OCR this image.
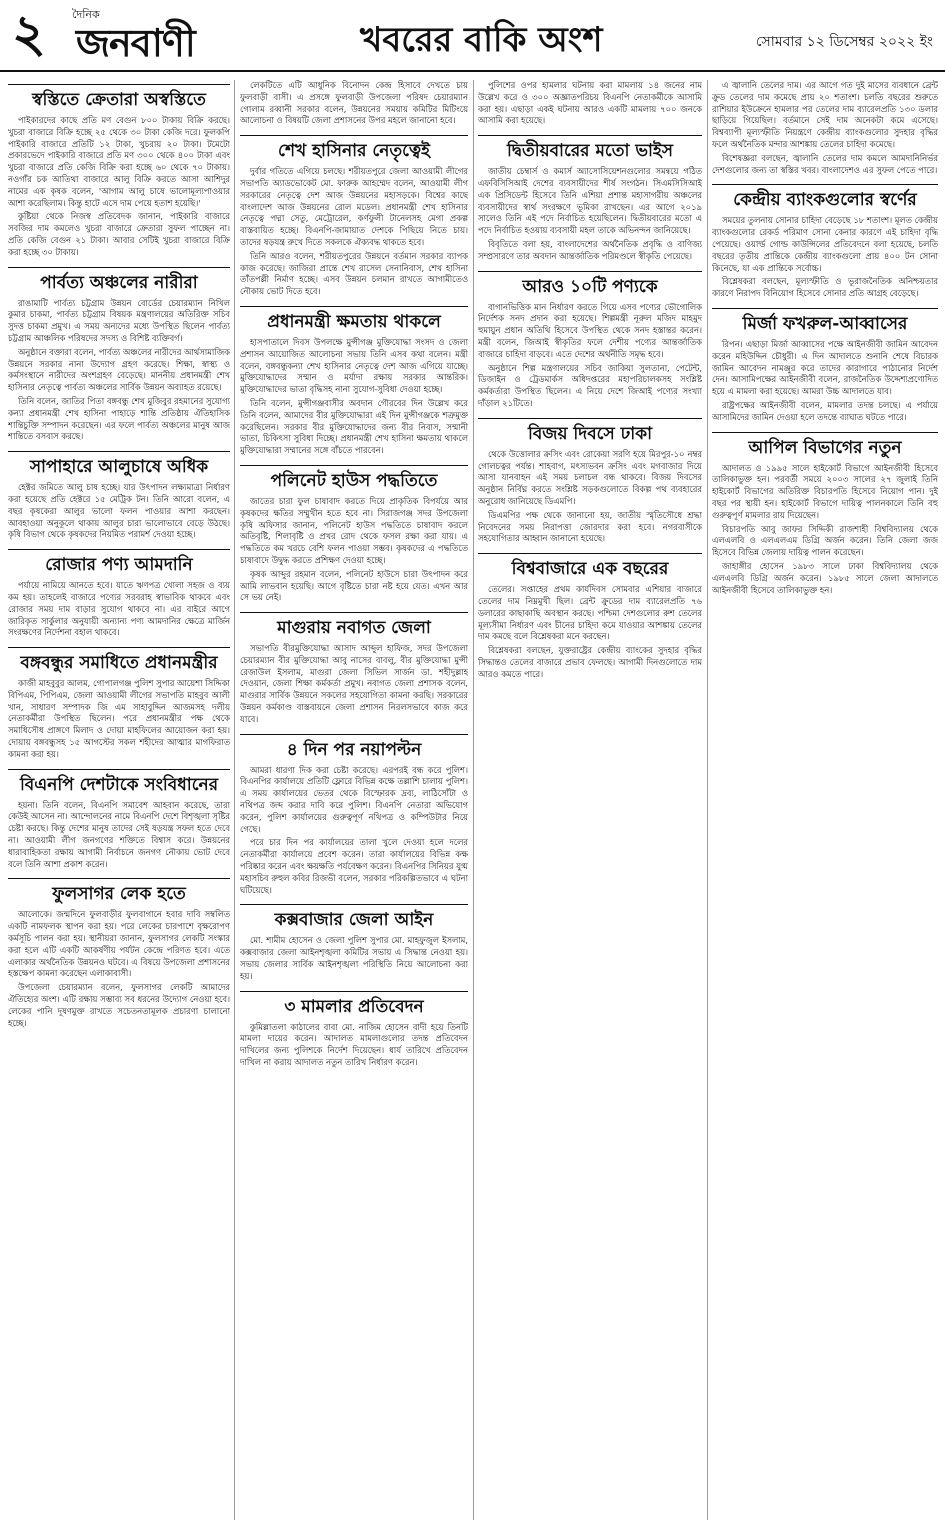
২ দৈনিক
জনবাণী	খবরের বাকি অংশ	সোমবার ১২ ডিসেম্বর ২০২২ ইং
স্বস্তিতে ক্রেতারা অস্বস্তিতে

পাইকারদের কাছে প্রতি মণ বেগুন ৮০০ টাকায় বিক্রি করছে। খুচরা বাজারে বিক্রি হচ্ছে ২৫ থেকে ৩০ টাকা কেজি দরে। ফুলকপি পাইকারি বাজারে প্রতিটি ১২ টাকা, খুচরায় ২০ টাকা। টমেটো প্রকারভেদে পাইকারি বাজারে প্রতি মণ ৩০০ থেকে ৪০০ টাকা এবং খুচরা বাজারে প্রতি কেজি বিক্রি করা হচ্ছে ৬০ থেকে ৭০ টাকায়। নওগাঁর চক আতিথা বাজারে আলু বিক্রি করতে আসা আশিদুর নামের এক কৃষক বলেন, 'আগাম আলু চাষে ভালোমূল্যপাওয়ার আশা করেছিলাম। কিন্তু হাটে এসে দাম পেয়ে হতাশ হয়েছি।'

কুষ্টিয়া থেকে নিজস্ব প্রতিবেদক জানান, পাইকারি বাজারে সবজির দাম কমলেও খুচরা বাজারে ক্রেতারা সুফল পাচ্ছেন না। প্রতি কেজি বেগুন ২১ টাকা। আবার সেটিই খুচরা বাজারে বিক্রি করা হচ্ছে ৩০ টাকায়।

পার্বত্য অঞ্চলের নারীরা

রাঙামাটি পার্বত্য চট্টগ্রাম উন্নয়ন বোর্ডের চেয়ারম্যান নিখিল কুমার চাকমা, পার্বত্য চট্টগ্রাম বিষয়ক মন্ত্রণালয়ের অতিরিক্ত সচিব সুদত্ত চাকমা প্রমুখ। এ সময় অন্যদের মধ্যে উপস্থিত ছিলেন পার্বত্য চট্টগ্রাম আঞ্চলিক পরিষদের সদস্য ও বিশিষ্ট ব্যক্তিবর্গ।

অনুষ্ঠানে বক্তারা বলেন, পার্বত্য অঞ্চলের নারীদের আর্থসামাজিক উন্নয়নে সরকার নানা উদ্যোগ গ্রহণ করেছে। শিক্ষা, স্বাস্থ্য ও কর্মসংস্থানে নারীদের অংশগ্রহণ বেড়েছে। মাননীয় প্রধানমন্ত্রী শেখ হাসিনার নেতৃত্বে পার্বত্য অঞ্চলের সার্বিক উন্নয়ন অব্যাহত রয়েছে।

তিনি বলেন, জাতির পিতা বঙ্গবন্ধু শেখ মুজিবুর রহমানের সুযোগ্য কন্যা প্রধানমন্ত্রী শেখ হাসিনা পাহাড়ে শান্তি প্রতিষ্ঠায় ঐতিহাসিক শান্তিচুক্তি সম্পাদন করেছেন। এর ফলে পার্বত্য অঞ্চলের মানুষ আজ শান্তিতে বসবাস করছে।

সাপাহারে আলুচাষে অধিক

হেক্টর জমিতে আলু চাষ হচ্ছে। যার উৎপাদন লক্ষ্যমাত্রা নির্ধারণ করা হয়েছে প্রতি হেক্টরে ১৫ মেট্রিক টন। তিনি আরো বলেন, এ বছর কৃষকেরা আলুর ভালো ফলন পাওয়ার আশা করছেন। আবহাওয়া অনুকূলে থাকায় আলুর চারা ভালোভাবে বেড়ে উঠছে। কৃষি বিভাগ থেকে কৃষকদের নিয়মিত পরামর্শ দেওয়া হচ্ছে।

রোজার পণ্য আমদানি

পর্যায়ে নামিয়ে আনতে হবে। যাতে ঋণপত্র খোলা সহজ ও ব্যয় কম হয়। তাহলেই বাজারে পণ্যের সরবরাহ স্বাভাবিক থাকবে এবং রোজার সময় দাম বাড়ার সুযোগ থাকবে না। এর বাইরে আগে জারিকৃত সার্কুলার অনুযায়ী অন্যান্য পণ্য আমদানির ক্ষেত্রে মার্জিন সংরক্ষণের নির্দেশনা বহাল থাকবে।

বঙ্গবন্ধুর সমাধিতে প্রধানমন্ত্রীর

কাজী মাহবুবুর আলম, গোপালগঞ্জ পুলিশ সুপার আয়েশা সিদ্দিকা বিপিএম, পিপিএম, জেলা আওয়ামী লীগের সভাপতি মাহবুব আলী খান, সাধারণ সম্পাদক জি এম সাহাবুদ্দিন আজমসহ দলীয় নেতাকর্মীরা উপস্থিত ছিলেন। পরে প্রধানমন্ত্রীর পক্ষ থেকে সমাধিসৌধ প্রাঙ্গণে মিলাদ ও দোয়া মাহফিলের আয়োজন করা হয়। দোয়ায় বঙ্গবন্ধুসহ ১৫ আগস্টের সকল শহীদের আত্মার মাগফিরাত কামনা করা হয়।

বিএনপি দেশটাকে সংবিধানের

হয়না। তিনি বলেন, বিএনপি সমাবেশ আহবান করেছে, তারা কেউই আসেন না। আন্দোলনের নামে বিএনপি দেশে বিশৃঙ্খলা সৃষ্টির চেষ্টা করছে। কিন্তু দেশের মানুষ তাদের সেই ষড়যন্ত্র সফল হতে দেবে না। আওয়ামী লীগ জনগণের শক্তিতে বিশ্বাস করে। উন্নয়নের ধারাবাহিকতা রক্ষায় আগামী নির্বাচনে জনগণ নৌকায় ভোট দেবে বলে তিনি আশা প্রকাশ করেন।

ফুলসাগর লেক হতে

আলোকে। জন্মদিনে ফুলবাড়ীর ফুলবাগানে হবার দাবি সম্বলিত একটি নামফলক স্থাপন করা হয়। পরে লেকের চারপাশে বৃক্ষরোপণ কর্মসূচি পালন করা হয়। স্থানীয়রা জানান, ফুলসাগর লেকটি সংস্কার করা হলে এটি একটি আকর্ষণীয় পর্যটন কেন্দ্রে পরিণত হবে। এতে এলাকার অর্থনৈতিক উন্নয়নও ঘটবে। এ বিষয়ে উপজেলা প্রশাসনের হস্তক্ষেপ কামনা করেছেন এলাকাবাসী।

উপজেলা চেয়ারম্যান বলেন, ফুলসাগর লেকটি আমাদের ঐতিহ্যের অংশ। এটি রক্ষায় সম্ভাব্য সব ধরনের উদ্যোগ নেওয়া হবে। লেকের পানি দূষণমুক্ত রাখতে সচেতনতামূলক প্রচারণা চালানো হচ্ছে।

লেকটিতে এটি আধুনিক বিনোদন কেন্দ্র হিসাবে দেখতে চায় ফুলবাড়ী বাসী। এ প্রসঙ্গে ফুলবাড়ী উপজেলা পরিষদ চেয়ারম্যান গোলাম রব্বানী সরকার বলেন, উন্নয়নের সময়ায় কমিটির মিটিংয়ে আলোচনা ও বিষয়টি জেলা প্রশাসনের উপর মহলে জানানো হবে।

শেখ হাসিনার নেতৃত্বেই

দুর্বার গতিতে এগিয়ে চলছে। শরীয়তপুরে জেলা আওয়ামী লীগের সভাপতি অ্যাডভোকেট মো. ফারুক আহম্মেদ বলেন, আওয়ামী লীগ সরকারের নেতৃত্বে দেশ আজ উন্নয়নের মহাসড়কে। বিশ্বের কাছে বাংলাদেশ আজ উন্নয়নের রোল মডেল। প্রধানমন্ত্রী শেখ হাসিনার নেতৃত্বে পদ্মা সেতু, মেট্রোরেল, কর্ণফুলী টানেলসহ মেগা প্রকল্প বাস্তবায়িত হচ্ছে। বিএনপি-জামায়াত দেশকে পিছিয়ে নিতে চায়। তাদের ষড়যন্ত্র রুখে দিতে সকলকে ঐক্যবদ্ধ থাকতে হবে।

তিনি আরও বলেন, শরীয়তপুরের উন্নয়নে বর্তমান সরকার ব্যাপক কাজ করেছে। জাজিরা প্রান্তে শেখ রাসেল সেনানিবাস, শেখ হাসিনা তাঁতপল্লী নির্মাণ হচ্ছে। এসব উন্নয়ন চলমান রাখতে আগামীতেও নৌকায় ভোট দিতে হবে।

প্রধানমন্ত্রী ক্ষমতায় থাকলে

হাসপাতালে দিবস উপলক্ষে মুন্সীগঞ্জ মুক্তিযোদ্ধা সংসদ ও জেলা প্রশাসন আয়োজিত আলোচনা সভায় তিনি এসব কথা বলেন। মন্ত্রী বলেন, বঙ্গবন্ধুকন্যা শেখ হাসিনার নেতৃত্বে দেশ আজ এগিয়ে যাচ্ছে। মুক্তিযোদ্ধাদের সম্মান ও মর্যাদা রক্ষায় সরকার আন্তরিক। মুক্তিযোদ্ধাদের ভাতা বৃদ্ধিসহ নানা সুযোগ-সুবিধা দেওয়া হচ্ছে।

তিনি বলেন, মুন্সীগঞ্জবাসীর অবদান গৌরবের দিন উল্লেখ করে তিনি বলেন, আমাদের বীর মুক্তিযোদ্ধারা এই দিন মুন্সীগঞ্জকে শত্রুমুক্ত করেছিলেন। সরকার বীর মুক্তিযোদ্ধাদের জন্য বীর নিবাস, সম্মানী ভাতা, চিকিৎসা সুবিধা দিচ্ছে। প্রধানমন্ত্রী শেখ হাসিনা ক্ষমতায় থাকলে মুক্তিযোদ্ধারা সম্মানের সঙ্গে বাঁচতে পারবেন।

পলিনেট হাউস পদ্ধতিতে

জাতের চারা ফুল চাষাবাদ করতে দিয়ে প্রাকৃতিক বিপর্যয়ে আর কৃষকদের ক্ষতির সম্মুখীন হতে হবে না। সিরাজগঞ্জ সদর উপজেলা কৃষি অফিসার জানান, পলিনেট হাউস পদ্ধতিতে চাষাবাদ করলে অতিবৃষ্টি, শিলাবৃষ্টি ও প্রখর রোদ থেকে ফসল রক্ষা করা যায়। এ পদ্ধতিতে কম খরচে বেশি ফলন পাওয়া সম্ভব। কৃষকদের এ পদ্ধতিতে চাষাবাদে উদ্বুদ্ধ করতে প্রশিক্ষণ দেওয়া হচ্ছে।

কৃষক আব্দুর রহমান বলেন, পলিনেট হাউসে চারা উৎপাদন করে আমি লাভবান হয়েছি। আগে বৃষ্টিতে চারা নষ্ট হয়ে যেত। এখন আর সে ভয় নেই।

মাগুরায় নবাগত জেলা

সভাপতি বীরমুক্তিযোদ্ধা আসাদ আব্দুল হাফিজ, সদর উপজেলা চেয়ারম্যান বীর মুক্তিযোদ্ধা আবু নাসের বাবলু, বীর মুক্তিযোদ্ধা মুন্সী রেজাউল ইসলাম, মাগুরা জেলা সিভিল সার্জন ডা. শহীদুল্লাহ দেওয়ান, জেলা শিক্ষা কর্মকর্তা প্রমুখ। নবাগত জেলা প্রশাসক বলেন, মাগুরার সার্বিক উন্নয়নে সকলের সহযোগিতা কামনা করছি। সরকারের উন্নয়ন কর্মকাণ্ড বাস্তবায়নে জেলা প্রশাসন নিরলসভাবে কাজ করে যাবে।

৪ দিন পর নয়াপল্টন

আমরা ধারণা দিক করা চেষ্টা করেছে। এরপরই বন্ধ করে পুলিশ। বিএনপির কার্যালয়ে প্রতিটি ফ্লোরে বিভিন্ন কক্ষে তল্লাশি চালায় পুলিশ। এ সময় কার্যালয়ের ভেতর থেকে বিস্ফোরক দ্রব্য, লাঠিসোঁটা ও নথিপত্র জব্দ করার দাবি করে পুলিশ। বিএনপি নেতারা অভিযোগ করেন, পুলিশ কার্যালয়ের গুরুত্বপূর্ণ নথিপত্র ও কম্পিউটার নিয়ে গেছে।

পরে চার দিন পর কার্যালয়ের তালা খুলে দেওয়া হলে দলের নেতাকর্মীরা কার্যালয়ে প্রবেশ করেন। তারা কার্যালয়ের বিভিন্ন কক্ষ পরিষ্কার করেন এবং ক্ষয়ক্ষতি পর্যবেক্ষণ করেন। বিএনপির সিনিয়র যুগ্ম মহাসচিব রুহুল কবির রিজভী বলেন, সরকার পরিকল্পিতভাবে এ ঘটনা ঘটিয়েছে।

কক্সবাজার জেলা আইন

মো. শামীম হোসেন ও জেলা পুলিশ সুপার মো. মাহফুজুল ইসলাম, কক্সবাজার জেলা আইনশৃঙ্খলা কমিটির সভায় এ সিদ্ধান্ত নেওয়া হয়। সভায় জেলার সার্বিক আইনশৃঙ্খলা পরিস্থিতি নিয়ে আলোচনা করা হয়।

৩ মামলার প্রতিবেদন

কুমিল্লাতলা কাঠালের বাবা মো. নাজিম হোসেন বাদী হয়ে তিনটি মামলা দায়ের করেন। আদালত মামলাগুলোর তদন্ত প্রতিবেদন দাখিলের জন্য পুলিশকে নির্দেশ দিয়েছেন। ধার্য তারিখে প্রতিবেদন দাখিল না করায় আদালত নতুন তারিখ নির্ধারণ করেন।

পুলিশের ওপর হামলার ঘটনায় করা মামলায় ১৪ জনের নাম উল্লেখ করে ও ৩০০ অজ্ঞাতপরিচয় বিএনপি নেতাকর্মীকে আসামি করা হয়। এছাড়া একই ঘটনায় আরও একটি মামলায় ৭০০ জনকে আসামি করা হয়েছে।

দ্বিতীয়বারের মতো ভাইস

জাতীয় চেম্বার্স ও কমার্স অ্যাসোসিয়েশনগুলোর সমন্বয়ে গঠিত এফবিসিসিআই দেশের ব্যবসায়ীদের শীর্ষ সংগঠন। সিএমসিসিআই এক প্রিসিডেন্ট হিসেবে তিনি এশিয়া প্রশান্ত মহাসাগরীয় অঞ্চলের ব্যবসায়ীদের স্বার্থ সংরক্ষণে ভূমিকা রাখছেন। এর আগে ২০১৯ সালেও তিনি এই পদে নির্বাচিত হয়েছিলেন। দ্বিতীয়বারের মতো এ পদে নির্বাচিত হওয়ায় ব্যবসায়ী মহল তাকে অভিনন্দন জানিয়েছে।

বিবৃতিতে বলা হয়, বাংলাদেশের অর্থনৈতিক প্রবৃদ্ধি ও বাণিজ্য সম্প্রসারণে তার অবদান আন্তর্জাতিক পরিমণ্ডলে স্বীকৃতি পেয়েছে।

আরও ১০টি পণ্যকে

বাগানভিত্তিক মান নির্ধারণ করতে গিয়ে এসব পণ্যের ভৌগোলিক নির্দেশক সনদ প্রদান করা হয়েছে। শিল্পমন্ত্রী নূরুল মজিদ মাহমুদ হুমায়ুন প্রধান অতিথি হিসেবে উপস্থিত থেকে সনদ হস্তান্তর করেন। মন্ত্রী বলেন, জিআই স্বীকৃতির ফলে দেশীয় পণ্যের আন্তর্জাতিক বাজারে চাহিদা বাড়বে। এতে দেশের অর্থনীতি সমৃদ্ধ হবে।

অনুষ্ঠানে শিল্প মন্ত্রণালয়ের সচিব জাকিয়া সুলতানা, পেটেন্ট, ডিজাইন ও ট্রেডমার্কস অধিদপ্তরের মহাপরিচালকসহ সংশ্লিষ্ট কর্মকর্তারা উপস্থিত ছিলেন। এ নিয়ে দেশে জিআই পণ্যের সংখ্যা দাঁড়াল ২১টিতে।

বিজয় দিবসে ঢাকা

থেকে উত্তোলার ক্রসিং এবং রোকেয়া সরণি হয়ে মিরপুর-১০ নম্বর গোলচত্বর পর্যন্ত। শাহবাগ, মৎস্যভবন ক্রসিং এবং মগবাজার দিয়ে আসা যানবাহন এই সময় চলাচল বন্ধ থাকবে। বিজয় দিবসের অনুষ্ঠান নির্বিঘ্ন করতে সংশ্লিষ্ট সড়কগুলোতে বিকল্প পথ ব্যবহারের অনুরোধ জানিয়েছে ডিএমপি।

ডিএমপির পক্ষ থেকে জানানো হয়, জাতীয় স্মৃতিসৌধে শ্রদ্ধা নিবেদনের সময় নিরাপত্তা জোরদার করা হবে। নগরবাসীকে সহযোগিতার আহ্বান জানানো হয়েছে।

বিশ্ববাজারে এক বছরের

তেলের। সপ্তাহের প্রথম কার্যদিবস সোমবার এশিয়ার বাজারে তেলের দাম নিম্নমুখী ছিল। ব্রেন্ট ক্রুডের দাম ব্যারেলপ্রতি ৭৬ ডলারের কাছাকাছি অবস্থান করছে। পশ্চিমা দেশগুলোর রুশ তেলের মূল্যসীমা নির্ধারণ এবং চীনের চাহিদা কমে যাওয়ার আশঙ্কায় তেলের দাম কমছে বলে বিশ্লেষকরা মনে করছেন।

বিশ্লেষকরা বলছেন, যুক্তরাষ্ট্রের কেন্দ্রীয় ব্যাংকের সুদহার বৃদ্ধির সিদ্ধান্তও তেলের বাজারে প্রভাব ফেলছে। আগামী দিনগুলোতে দাম আরও কমতে পারে।

এ জ্বালানি তেলের দাম। এর আগে গত দুই মাসের ব্যবধানে ব্রেন্ট ক্রুড তেলের দাম কমেছে প্রায় ২০ শতাংশ। চলতি বছরের শুরুতে রাশিয়ার ইউক্রেনে হামলার পর তেলের দাম ব্যারেলপ্রতি ১৩০ ডলার ছাড়িয়ে গিয়েছিল। বর্তমানে সেই দাম অনেকটা কমে এসেছে। বিশ্বব্যাপী মূল্যস্ফীতি নিয়ন্ত্রণে কেন্দ্রীয় ব্যাংকগুলোর সুদহার বৃদ্ধির ফলে অর্থনৈতিক মন্দার আশঙ্কায় তেলের চাহিদা কমেছে।

বিশেষজ্ঞরা বলছেন, জ্বালানি তেলের দাম কমলে আমদানিনির্ভর দেশগুলোর জন্য তা স্বস্তির খবর। বাংলাদেশও এর সুফল পেতে পারে।

কেন্দ্রীয় ব্যাংকগুলোর স্বর্ণের

সময়ের তুলনায় সোনার চাহিদা বেড়েছে ১৮ শতাংশ। মূলত কেন্দ্রীয় ব্যাংকগুলোর রেকর্ড পরিমাণ সোনা কেনার কারণে এই চাহিদা বৃদ্ধি পেয়েছে। ওয়ার্ল্ড গোল্ড কাউন্সিলের প্রতিবেদনে বলা হয়েছে, চলতি বছরের তৃতীয় প্রান্তিকে কেন্দ্রীয় ব্যাংকগুলো প্রায় ৪০০ টন সোনা কিনেছে, যা এক প্রান্তিকে সর্বোচ্চ।

বিশ্লেষকরা বলছেন, মূল্যস্ফীতি ও ভূরাজনৈতিক অনিশ্চয়তার কারণে নিরাপদ বিনিয়োগ হিসেবে সোনার প্রতি আগ্রহ বেড়েছে।

মির্জা ফখরুল-আব্বাসের

রিপন। এছাড়া মির্জা আব্বাসের পক্ষে আইনজীবী জামিন আবেদন করেন মহিউদ্দিন চৌধুরী। এ দিন আদালতে শুনানি শেষে বিচারক জামিন আবেদন নামঞ্জুর করে তাদের কারাগারে পাঠানোর নির্দেশ দেন। আসামিপক্ষের আইনজীবী বলেন, রাজনৈতিক উদ্দেশ্যপ্রণোদিত হয়ে এ মামলা করা হয়েছে। আমরা উচ্চ আদালতে যাব।

রাষ্ট্রপক্ষের আইনজীবী বলেন, মামলার তদন্ত চলছে। এ পর্যায়ে আসামিদের জামিন দেওয়া হলে তদন্তে ব্যাঘাত ঘটতে পারে।

আপিল বিভাগের নতুন

আদালত ও ১৯৯৫ সালে হাইকোর্ট বিভাগে আইনজীবী হিসেবে তালিকাভুক্ত হন। পরবর্তী সময়ে ২০০৩ সালের ২৭ জুলাই তিনি হাইকোর্ট বিভাগের অতিরিক্ত বিচারপতি হিসেবে নিয়োগ পান। দুই বছর পর স্থায়ী হন। হাইকোর্ট বিভাগে দায়িত্ব পালনকালে তিনি বহু গুরুত্বপূর্ণ মামলার রায় দিয়েছেন।

বিচারপতি আবু জাফর সিদ্দিকী রাজশাহী বিশ্ববিদ্যালয় থেকে এলএলবি ও এলএলএম ডিগ্রি অর্জন করেন। তিনি জেলা জজ হিসেবে বিভিন্ন জেলায় দায়িত্ব পালন করেছেন।

জাহাঙ্গীর হোসেন ১৯৮৩ সালে ঢাকা বিশ্ববিদ্যালয় থেকে এলএলবি ডিগ্রি অর্জন করেন। ১৯৮৫ সালে জেলা আদালতে আইনজীবী হিসেবে তালিকাভুক্ত হন।
